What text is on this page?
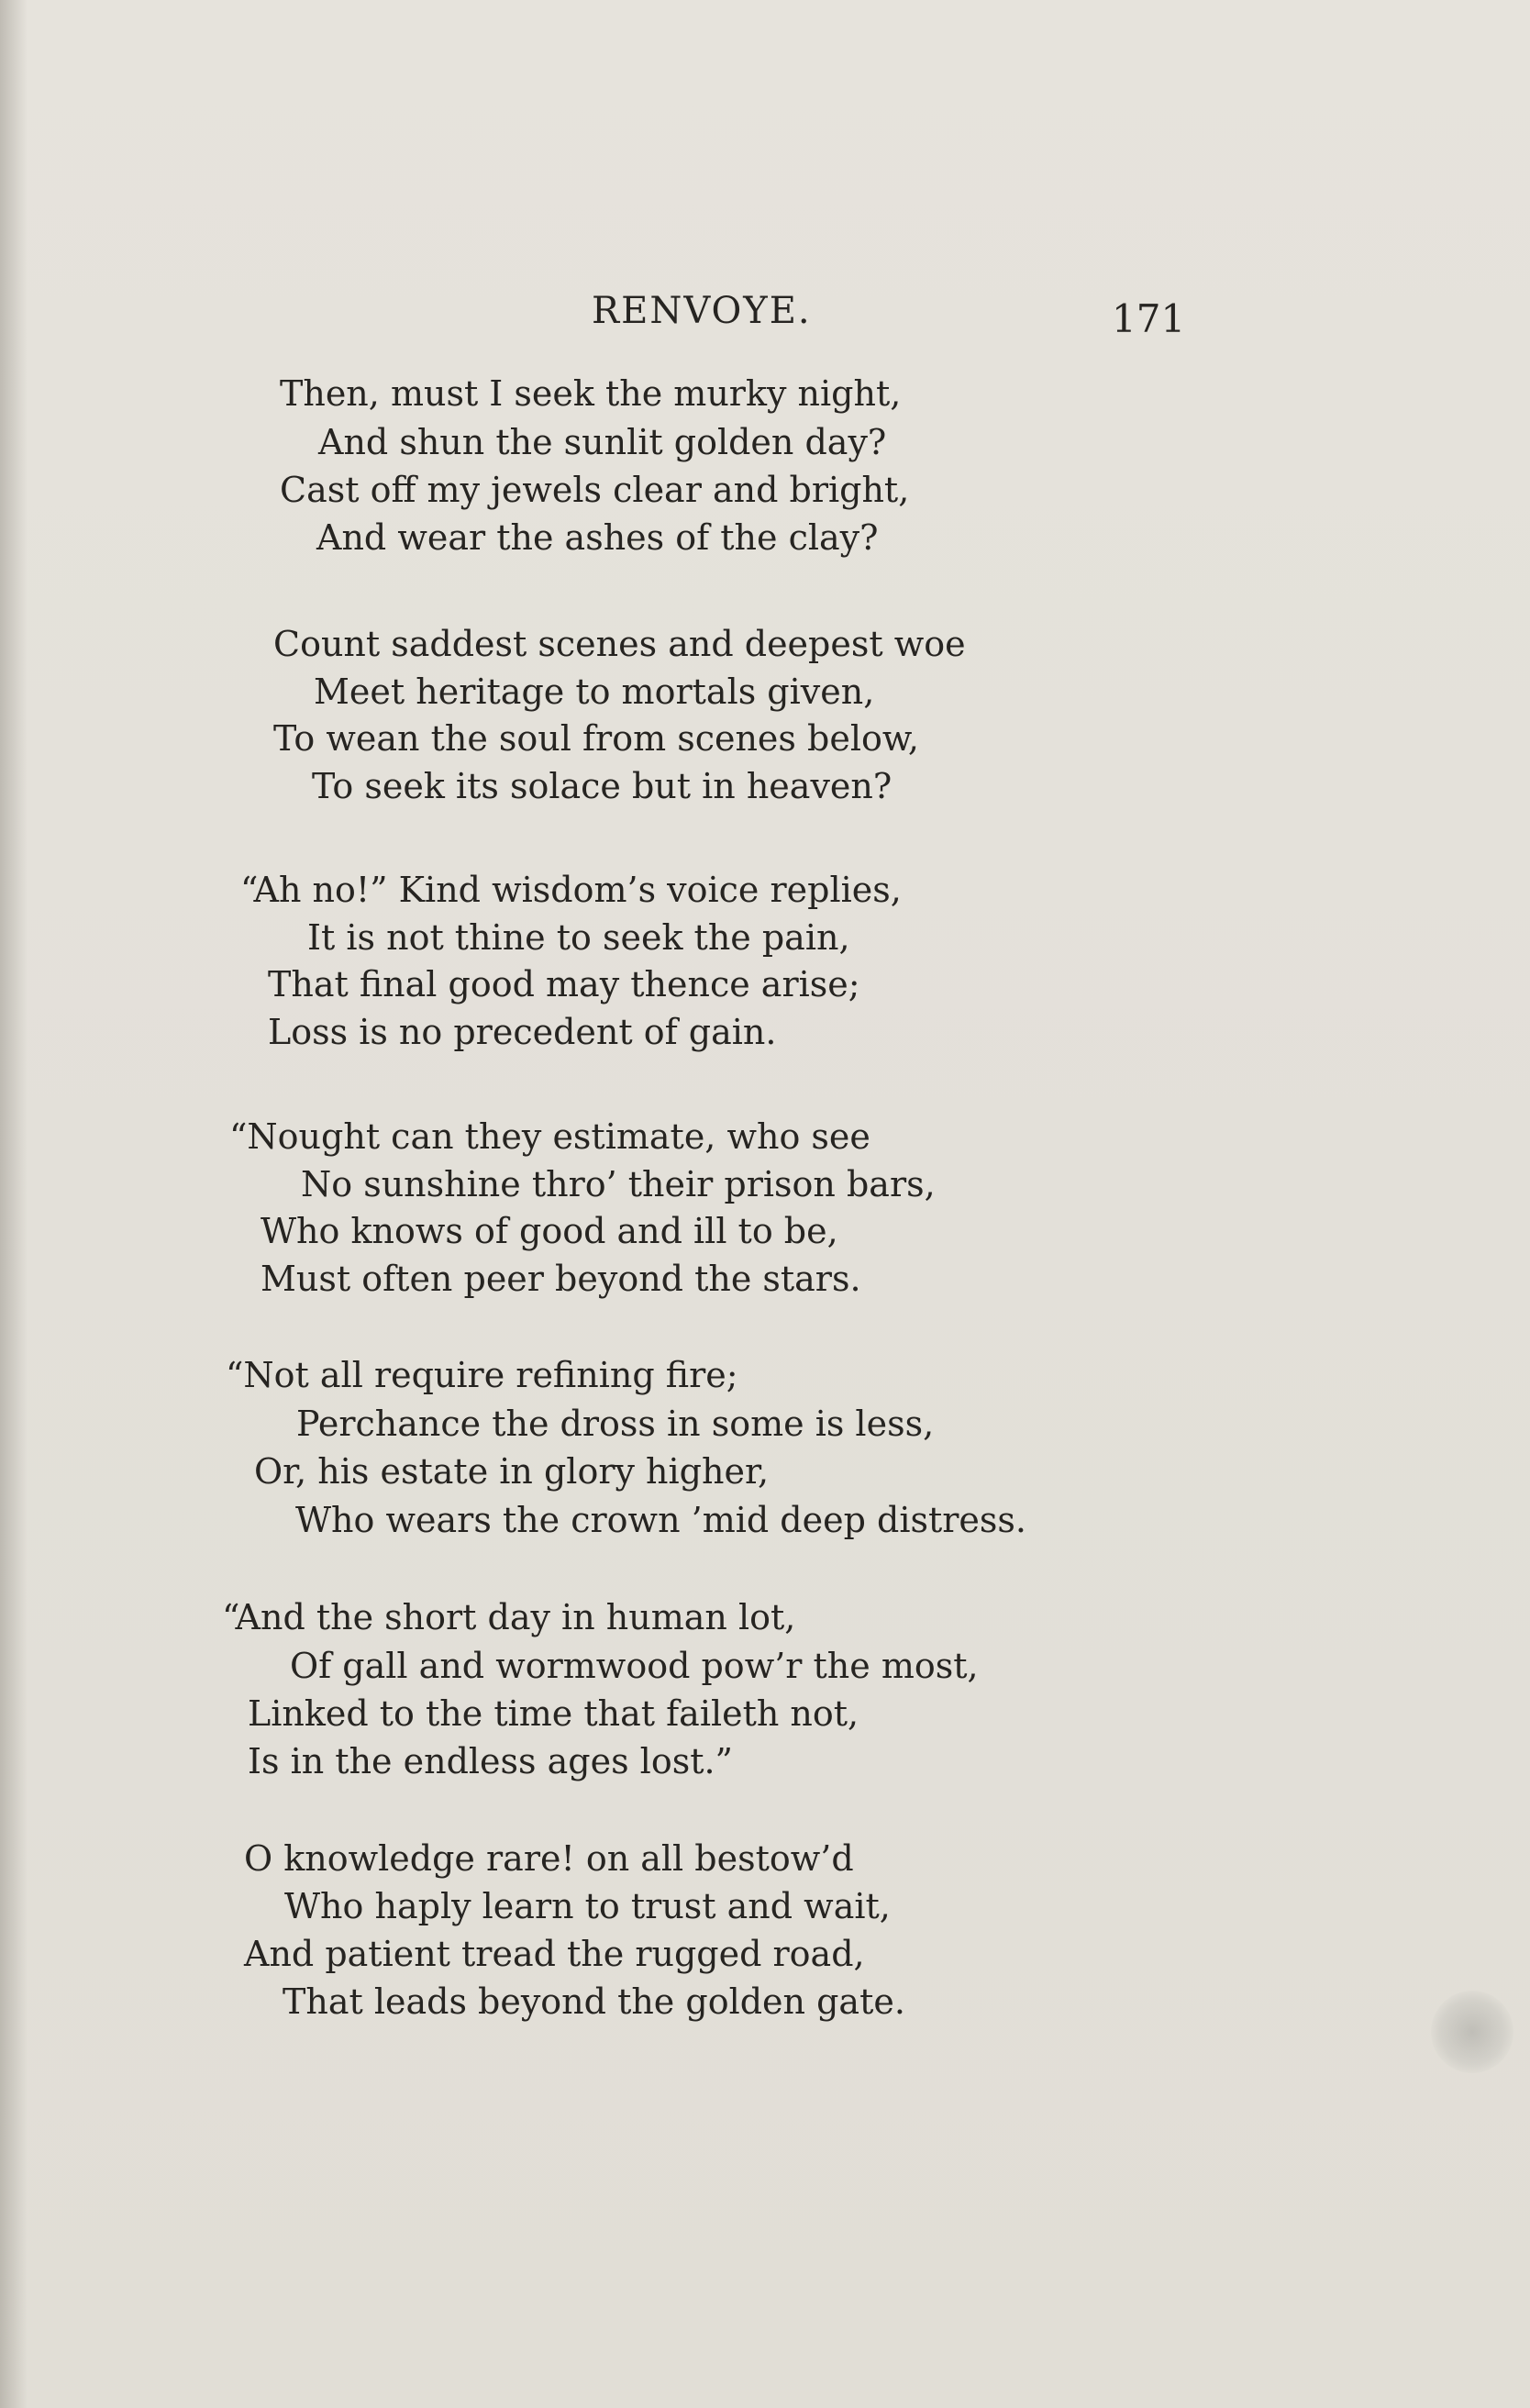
RENVOYE.	171
Then, must I seek the murky night,
And shun the sunlit golden day?
Cast off my jewels clear and bright,
And wear the ashes of the clay?
Count saddest scenes and deepest woe
Meet heritage to mortals given,
To wean the soul from scenes below,
To seek its solace but in heaven?
“Ah no!” Kind wisdom’s voice replies,
It is not thine to seek the pain,
That final good may thence arise;
Loss is no precedent of gain.
“Nought can they estimate, who see
No sunshine thro’ their prison bars,
Who knows of good and ill to be,
Must often peer beyond the stars.
“Not all require refining fire;
Perchance the dross in some is less,
Or, his estate in glory higher,
Who wears the crown ’mid deep distress.
“And the short day in human lot,
Of gall and wormwood pow’r the most,
Linked to the time that faileth not,
Is in the endless ages lost.”
O knowledge rare! on all bestow’d
Who haply learn to trust and wait,
And patient tread the rugged road,
That leads beyond the golden gate.
